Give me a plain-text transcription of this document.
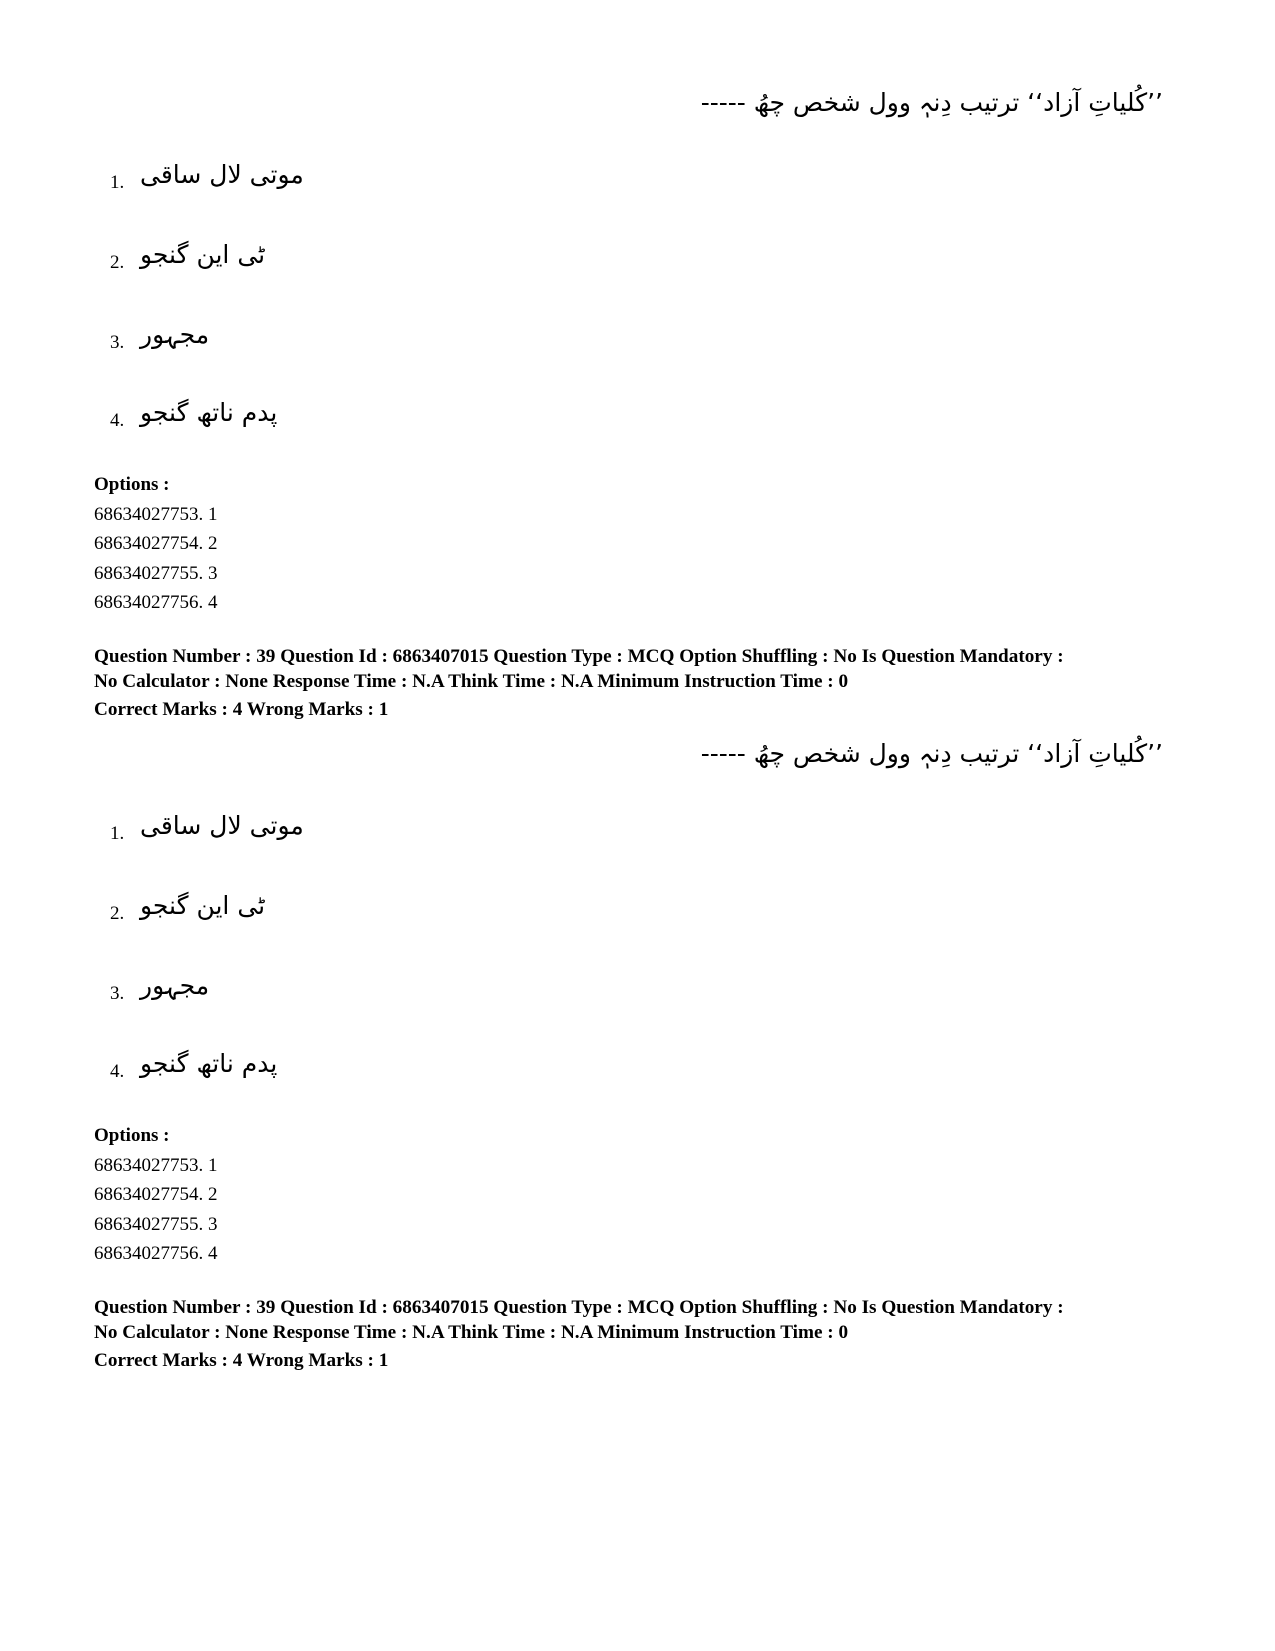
’’کُلیاتِ آزاد‘‘ ترتیب دِنہٖ وول شخص چھُ -----
1. موتی لال ساقی
2. ٹی این گنجو
3. مجہور
4. پدم ناتھ گنجو
Options :
68634027753. 1
68634027754. 2
68634027755. 3
68634027756. 4
Question Number : 39 Question Id : 6863407015 Question Type : MCQ Option Shuffling : No Is Question Mandatory :
No Calculator : None Response Time : N.A Think Time : N.A Minimum Instruction Time : 0
Correct Marks : 4 Wrong Marks : 1
’’کُلیاتِ آزاد‘‘ ترتیب دِنہٖ وول شخص چھُ -----
1. موتی لال ساقی
2. ٹی این گنجو
3. مجہور
4. پدم ناتھ گنجو
Options :
68634027753. 1
68634027754. 2
68634027755. 3
68634027756. 4
Question Number : 39 Question Id : 6863407015 Question Type : MCQ Option Shuffling : No Is Question Mandatory :
No Calculator : None Response Time : N.A Think Time : N.A Minimum Instruction Time : 0
Correct Marks : 4 Wrong Marks : 1
